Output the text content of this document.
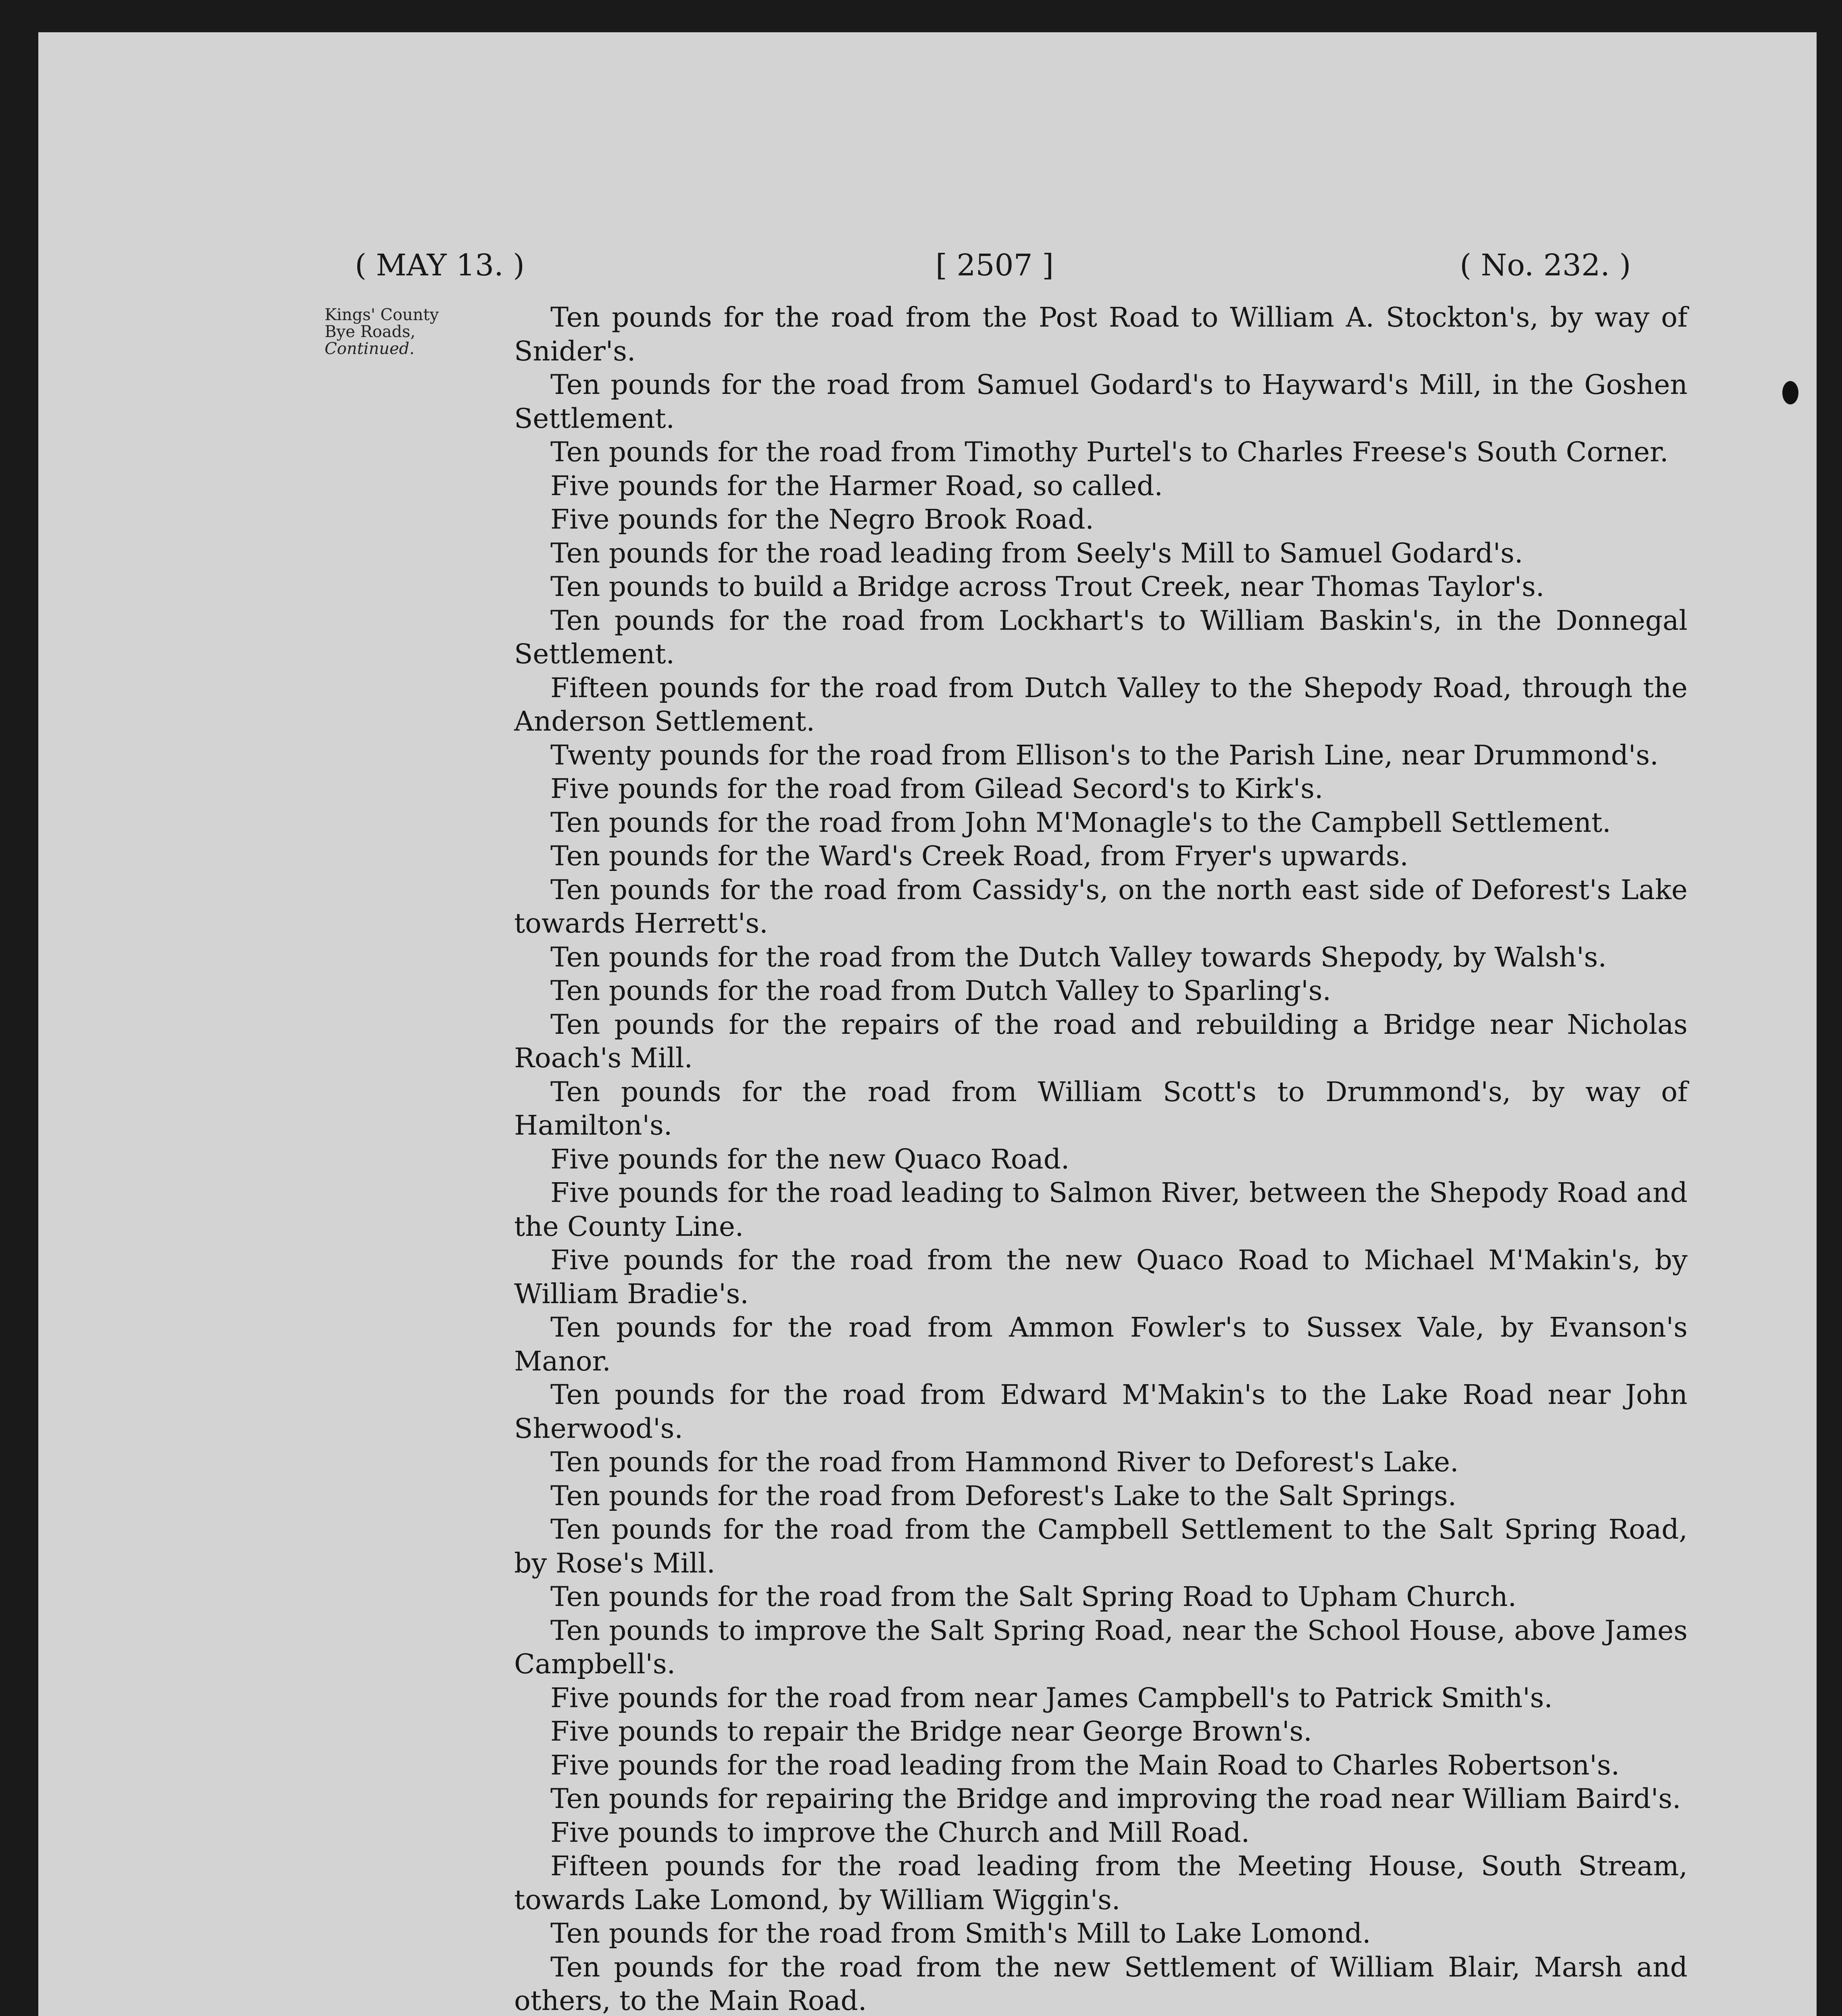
( MAY 13. )	[ 2507 ]	( No. 232. )
Kings' County
Bye Roads,
Continued.

Ten pounds for the road from the Post Road to William A. Stockton's, by way of Snider's.

Ten pounds for the road from Samuel Godard's to Hayward's Mill, in the Goshen Settlement.

Ten pounds for the road from Timothy Purtel's to Charles Freese's South Corner.

Five pounds for the Harmer Road, so called.

Five pounds for the Negro Brook Road.

Ten pounds for the road leading from Seely's Mill to Samuel Godard's.

Ten pounds to build a Bridge across Trout Creek, near Thomas Taylor's.

Ten pounds for the road from Lockhart's to William Baskin's, in the Donnegal Settlement.

Fifteen pounds for the road from Dutch Valley to the Shepody Road, through the Anderson Settlement.

Twenty pounds for the road from Ellison's to the Parish Line, near Drummond's.

Five pounds for the road from Gilead Secord's to Kirk's.

Ten pounds for the road from John M'Monagle's to the Campbell Settlement.

Ten pounds for the Ward's Creek Road, from Fryer's upwards.

Ten pounds for the road from Cassidy's, on the north east side of Deforest's Lake towards Herrett's.

Ten pounds for the road from the Dutch Valley towards Shepody, by Walsh's.

Ten pounds for the road from Dutch Valley to Sparling's.

Ten pounds for the repairs of the road and rebuilding a Bridge near Nicholas Roach's Mill.

Ten pounds for the road from William Scott's to Drummond's, by way of Hamilton's.

Five pounds for the new Quaco Road.

Five pounds for the road leading to Salmon River, between the Shepody Road and the County Line.

Five pounds for the road from the new Quaco Road to Michael M'Makin's, by William Bradie's.

Ten pounds for the road from Ammon Fowler's to Sussex Vale, by Evanson's Manor.

Ten pounds for the road from Edward M'Makin's to the Lake Road near John Sherwood's.

Ten pounds for the road from Hammond River to Deforest's Lake.

Ten pounds for the road from Deforest's Lake to the Salt Springs.

Ten pounds for the road from the Campbell Settlement to the Salt Spring Road, by Rose's Mill.

Ten pounds for the road from the Salt Spring Road to Upham Church.

Ten pounds to improve the Salt Spring Road, near the School House, above James Campbell's.

Five pounds for the road from near James Campbell's to Patrick Smith's.

Five pounds to repair the Bridge near George Brown's.

Five pounds for the road leading from the Main Road to Charles Robertson's.

Ten pounds for repairing the Bridge and improving the road near William Baird's.

Five pounds to improve the Church and Mill Road.

Fifteen pounds for the road leading from the Meeting House, South Stream, towards Lake Lomond, by William Wiggin's.

Ten pounds for the road from Smith's Mill to Lake Lomond.

Ten pounds for the road from the new Settlement of William Blair, Marsh and others, to the Main Road.
